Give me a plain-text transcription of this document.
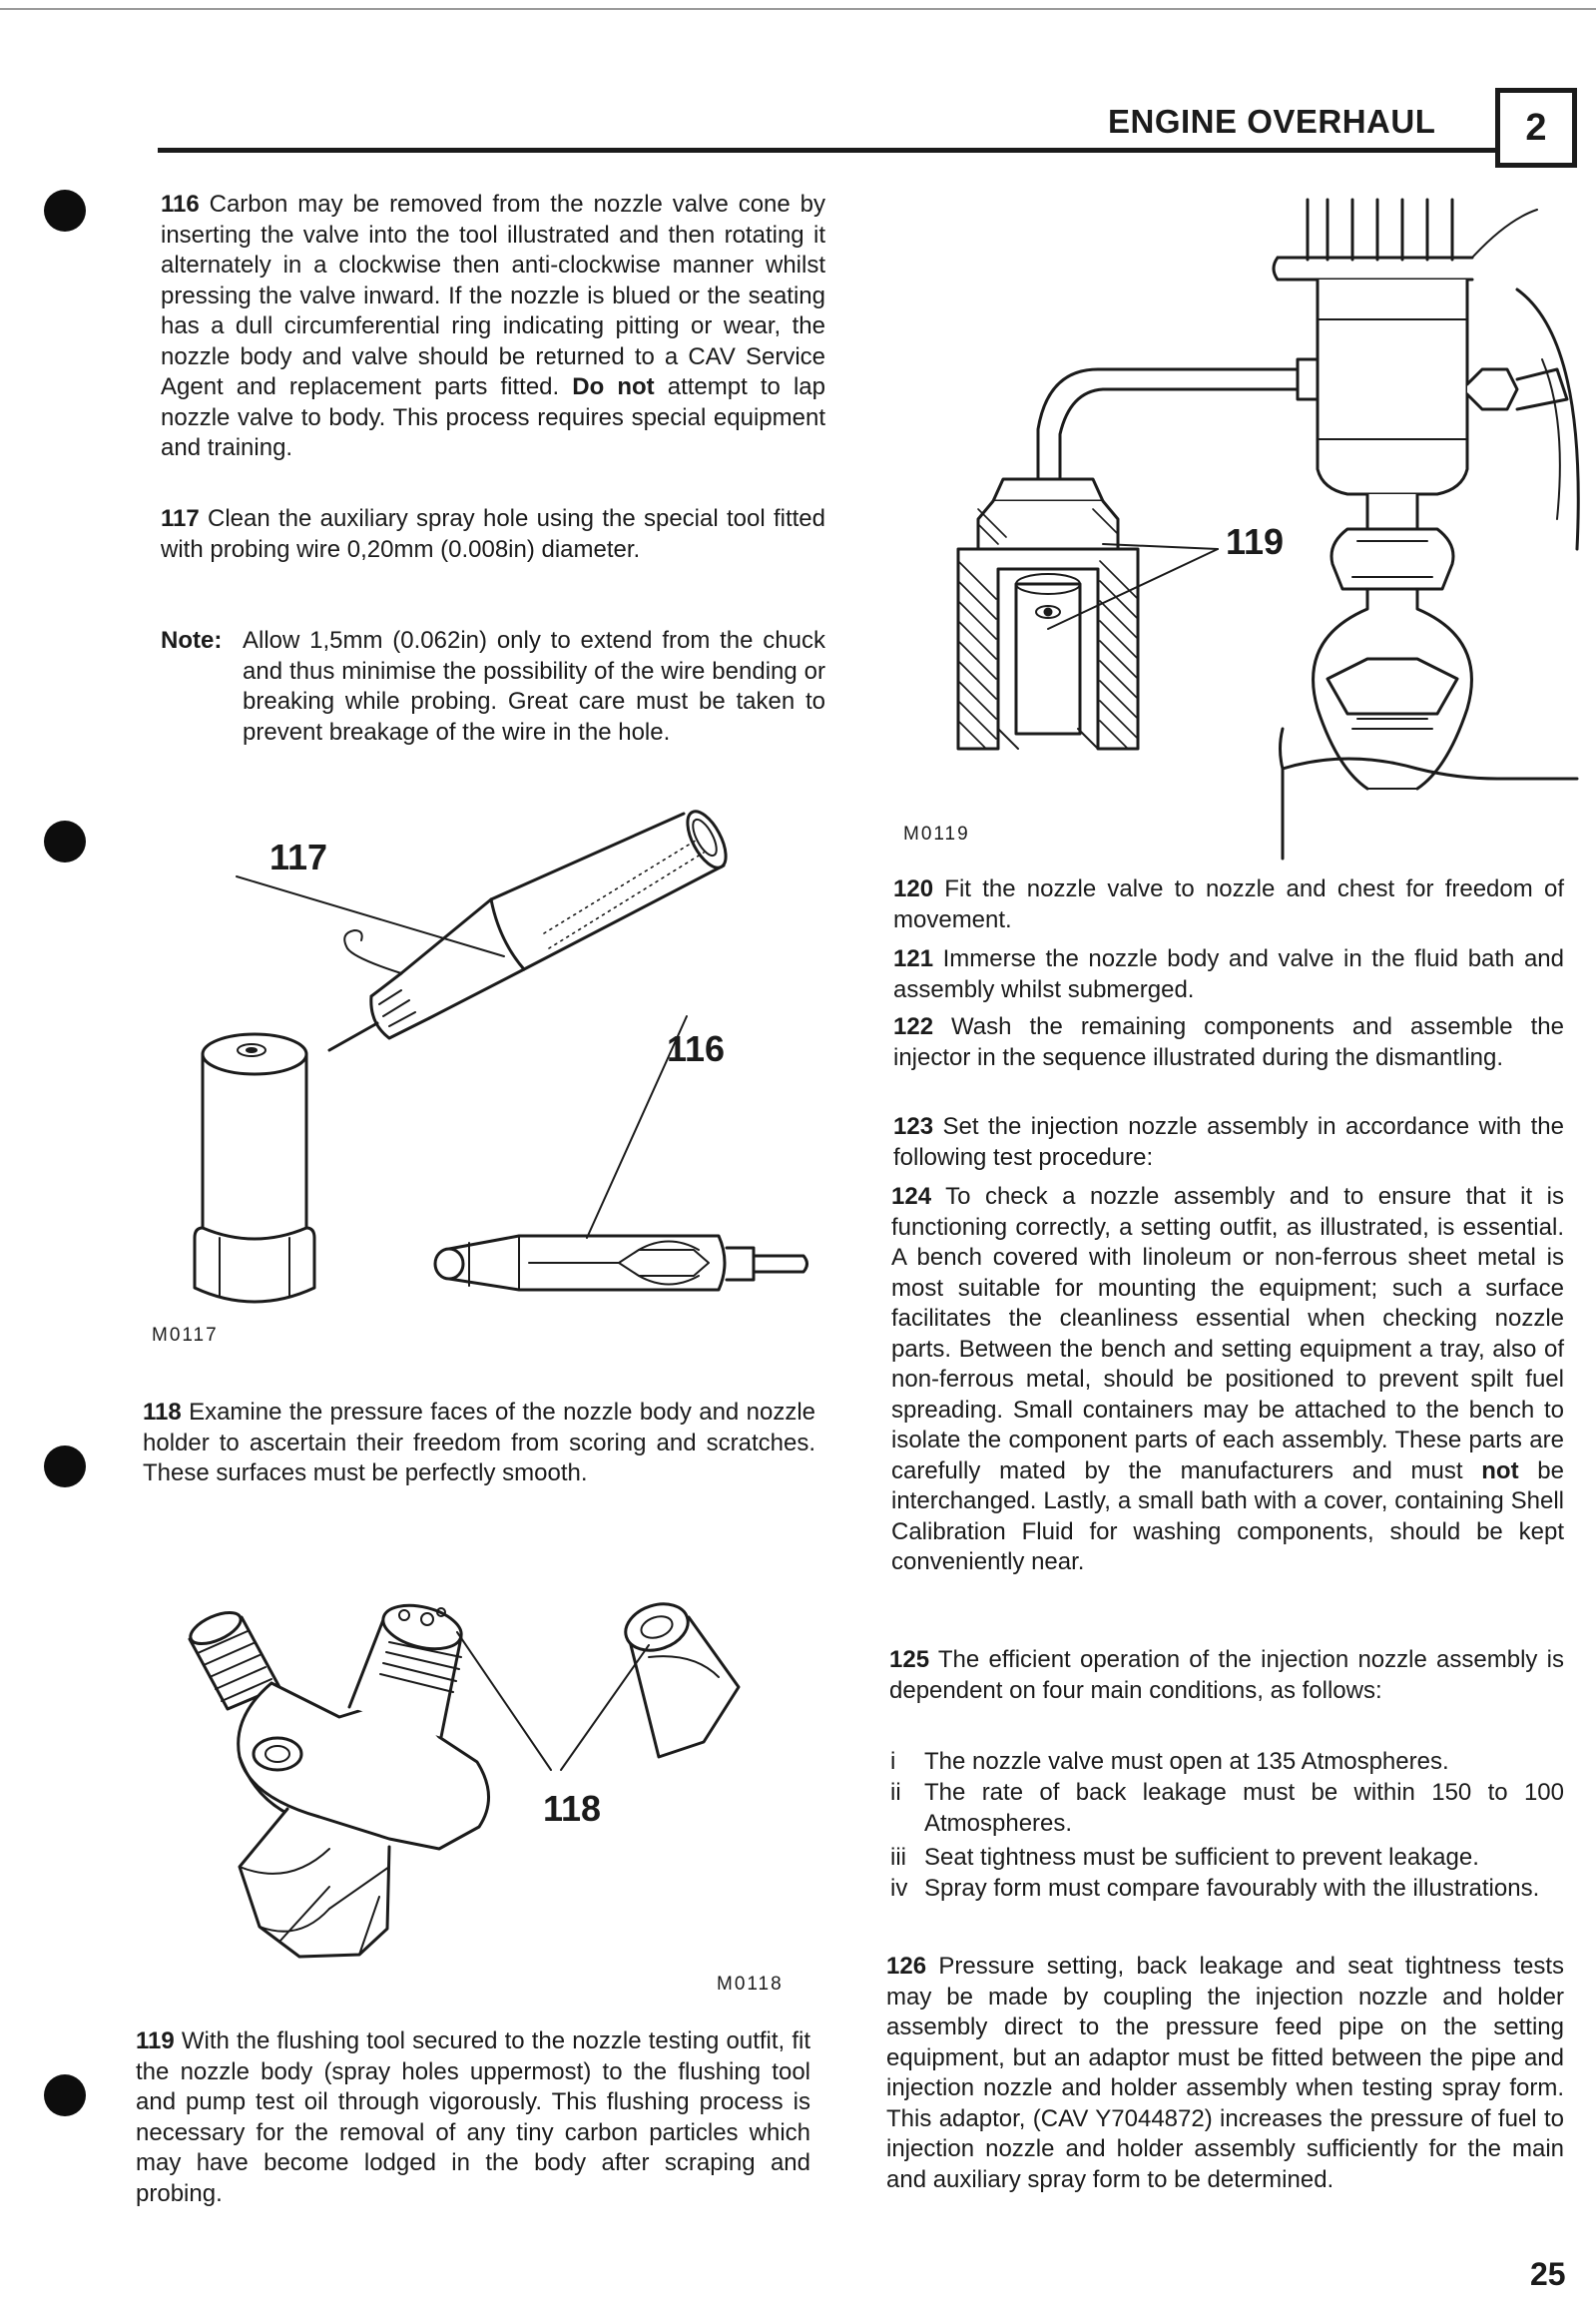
ENGINE OVERHAUL 2
116 Carbon may be removed from the nozzle valve cone by inserting the valve into the tool illustrated and then rotating it alternately in a clockwise then anti-clockwise manner whilst pressing the valve inward. If the nozzle is blued or the seating has a dull circumferential ring indicating pitting or wear, the nozzle body and valve should be returned to a CAV Service Agent and replacement parts fitted. Do not attempt to lap nozzle valve to body. This process requires special equipment and training.
117 Clean the auxiliary spray hole using the special tool fitted with probing wire 0,20mm (0.008in) diameter.
Note: Allow 1,5mm (0.062in) only to extend from the chuck and thus minimise the possibility of the wire bending or breaking while probing. Great care must be taken to prevent breakage of the wire in the hole.
117
116
M0117
118 Examine the pressure faces of the nozzle body and nozzle holder to ascertain their freedom from scoring and scratches. These surfaces must be perfectly smooth.
118
M0118
119 With the flushing tool secured to the nozzle testing outfit, fit the nozzle body (spray holes uppermost) to the flushing tool and pump test oil through vigorously. This flushing process is necessary for the removal of any tiny carbon particles which may have become lodged in the body after scraping and probing.
119
M0119
120 Fit the nozzle valve to nozzle and chest for freedom of movement.
121 Immerse the nozzle body and valve in the fluid bath and assembly whilst submerged.
122 Wash the remaining components and assemble the injector in the sequence illustrated during the dismantling.
123 Set the injection nozzle assembly in accordance with the following test procedure:
124 To check a nozzle assembly and to ensure that it is functioning correctly, a setting outfit, as illustrated, is essential. A bench covered with linoleum or non-ferrous sheet metal is most suitable for mounting the equipment; such a surface facilitates the cleanliness essential when checking nozzle parts. Between the bench and setting equipment a tray, also of non-ferrous metal, should be positioned to prevent spilt fuel spreading. Small containers may be attached to the bench to isolate the component parts of each assembly. These parts are carefully mated by the manufacturers and must not be interchanged. Lastly, a small bath with a cover, containing Shell Calibration Fluid for washing components, should be kept conveniently near.
125 The efficient operation of the injection nozzle assembly is dependent on four main conditions, as follows:
i The nozzle valve must open at 135 Atmospheres.
ii The rate of back leakage must be within 150 to 100 Atmospheres.
iii Seat tightness must be sufficient to prevent leakage.
iv Spray form must compare favourably with the illustrations.
126 Pressure setting, back leakage and seat tightness tests may be made by coupling the injection nozzle and holder assembly direct to the pressure feed pipe on the setting equipment, but an adaptor must be fitted between the pipe and injection nozzle and holder assembly when testing spray form. This adaptor, (CAV Y7044872) increases the pressure of fuel to injection nozzle and holder assembly sufficiently for the main and auxiliary spray form to be determined.
25
